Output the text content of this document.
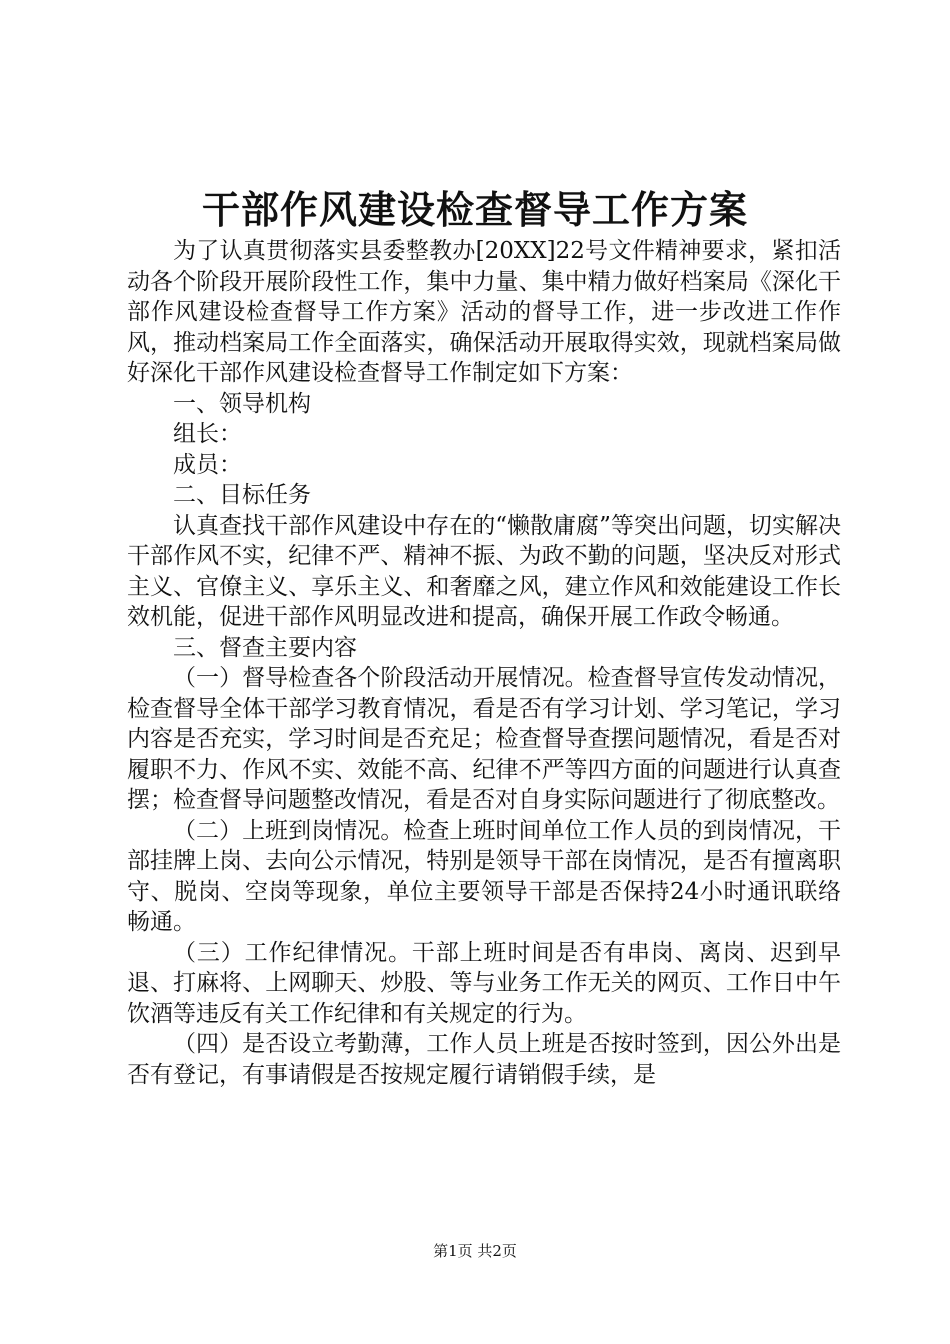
干部作风建设检查督导工作方案

为了认真贯彻落实县委整教办[20XX]22号文件精神要求，紧扣活动各个阶段开展阶段性工作，集中力量、集中精力做好档案局《深化干部作风建设检查督导工作方案》活动的督导工作，进一步改进工作作风，推动档案局工作全面落实，确保活动开展取得实效，现就档案局做好深化干部作风建设检查督导工作制定如下方案：

一、领导机构

组长：

成员：

二、目标任务

认真查找干部作风建设中存在的“懒散庸腐”等突出问题，切实解决干部作风不实，纪律不严、精神不振、为政不勤的问题，坚决反对形式主义、官僚主义、享乐主义、和奢靡之风，建立作风和效能建设工作长效机能，促进干部作风明显改进和提高，确保开展工作政令畅通。

三、督查主要内容

（一）督导检查各个阶段活动开展情况。检查督导宣传发动情况，检查督导全体干部学习教育情况，看是否有学习计划、学习笔记，学习内容是否充实，学习时间是否充足；检查督导查摆问题情况，看是否对履职不力、作风不实、效能不高、纪律不严等四方面的问题进行认真查摆；检查督导问题整改情况，看是否对自身实际问题进行了彻底整改。

（二）上班到岗情况。检查上班时间单位工作人员的到岗情况，干部挂牌上岗、去向公示情况，特别是领导干部在岗情况，是否有擅离职守、脱岗、空岗等现象，单位主要领导干部是否保持24小时通讯联络畅通。

（三）工作纪律情况。干部上班时间是否有串岗、离岗、迟到早退、打麻将、上网聊天、炒股、等与业务工作无关的网页、工作日中午饮酒等违反有关工作纪律和有关规定的行为。

（四）是否设立考勤薄，工作人员上班是否按时签到，因公外出是否有登记，有事请假是否按规定履行请销假手续，是

第1页 共2页
